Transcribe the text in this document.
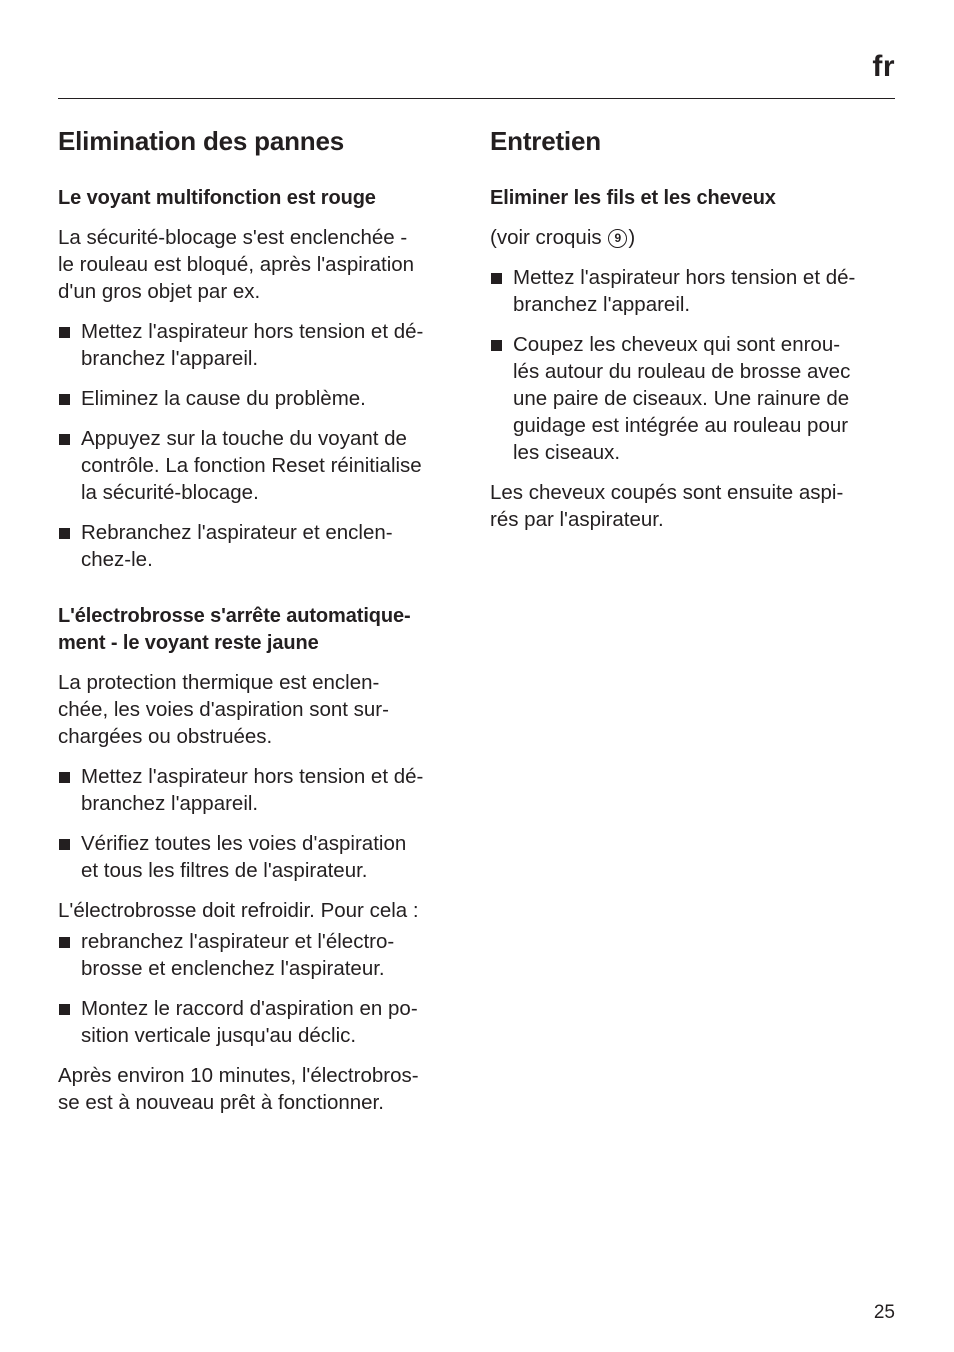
fr
Elimination des pannes
Le voyant multifonction est rouge

La sécurité-blocage s'est enclenchée -
le rouleau est bloqué, après l'aspiration
d'un gros objet par ex.

Mettez l'aspirateur hors tension et dé-
branchez l'appareil.
Eliminez la cause du problème.
Appuyez sur la touche du voyant de
contrôle. La fonction Reset réinitialise
la sécurité-blocage.
Rebranchez l'aspirateur et enclen-
chez-le.
L'électrobrosse s'arrête automatique-
ment - le voyant reste jaune

La protection thermique est enclen-
chée, les voies d'aspiration sont sur-
chargées ou obstruées.

Mettez l'aspirateur hors tension et dé-
branchez l'appareil.
Vérifiez toutes les voies d'aspiration
et tous les filtres de l'aspirateur.

L'électrobrosse doit refroidir. Pour cela :

rebranchez l'aspirateur et l'électro-
brosse et enclenchez l'aspirateur.
Montez le raccord d'aspiration en po-
sition verticale jusqu'au déclic.

Après environ 10 minutes, l'électrobros-
se est à nouveau prêt à fonctionner.

Entretien
Eliminer les fils et les cheveux

(voir croquis 9 )

Mettez l'aspirateur hors tension et dé-
branchez l'appareil.
Coupez les cheveux qui sont enrou-
lés autour du rouleau de brosse avec
une paire de ciseaux. Une rainure de
guidage est intégrée au rouleau pour
les ciseaux.

Les cheveux coupés sont ensuite aspi-
rés par l'aspirateur.

25
